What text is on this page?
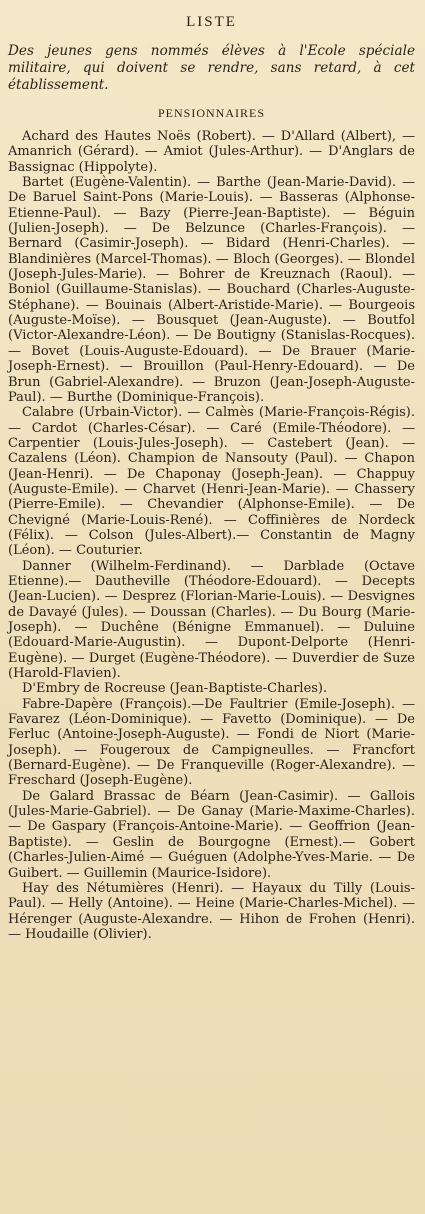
LISTE

Des jeunes gens nommés élèves à l'Ecole spéciale militaire, qui doivent se rendre, sans retard, à cet établissement.

PENSIONNAIRES

Achard des Hautes Noës (Robert). — D'Allard (Albert), — Amanrich (Gérard). — Amiot (Jules-Arthur). — D'Anglars de Bassignac (Hippolyte).

Bartet (Eugène-Valentin). — Barthe (Jean-Marie-David). — De Baruel Saint-Pons (Marie-Louis). — Basseras (Alphonse-Etienne-Paul). — Bazy (Pierre-Jean-Baptiste). — Béguin (Julien-Joseph). — De Belzunce (Charles-François). — Bernard (Casimir-Joseph). — Bidard (Henri-Charles). — Blandinières (Marcel-Thomas). — Bloch (Georges). — Blondel (Joseph-Jules-Marie). — Bohrer de Kreuznach (Raoul). — Boniol (Guillaume-Stanislas). — Bouchard (Charles-Auguste-Stéphane). — Bouinais (Albert-Aristide-Marie). — Bourgeois (Auguste-Moïse). — Bousquet (Jean-Auguste). — Boutfol (Victor-Alexandre-Léon). — De Boutigny (Stanislas-Rocques).— Bovet (Louis-Auguste-Edouard). — De Brauer (Marie-Joseph-Ernest). — Brouillon (Paul-Henry-Edouard). — De Brun (Gabriel-Alexandre). — Bruzon (Jean-Joseph-Auguste-Paul). — Burthe (Dominique-François).

Calabre (Urbain-Victor). — Calmès (Marie-François-Régis). — Cardot (Charles-César). — Caré (Emile-Théodore). — Carpentier (Louis-Jules-Joseph). — Castebert (Jean). — Cazalens (Léon). Champion de Nansouty (Paul). — Chapon (Jean-Henri). — De Chaponay (Joseph-Jean). — Chappuy (Auguste-Emile). — Charvet (Henri-Jean-Marie). — Chassery (Pierre-Emile). — Chevandier (Alphonse-Emile). — De Chevigné (Marie-Louis-René). — Coffinières de Nordeck (Félix). — Colson (Jules-Albert).— Constantin de Magny (Léon). — Couturier.

Danner (Wilhelm-Ferdinand). — Darblade (Octave Etienne).— Dautheville (Théodore-Edouard). — Decepts (Jean-Lucien). — Desprez (Florian-Marie-Louis). — Desvignes de Davayé (Jules). — Doussan (Charles). — Du Bourg (Marie-Joseph). — Duchêne (Bénigne Emmanuel). — Duluine (Edouard-Marie-Augustin). — Dupont-Delporte (Henri-Eugène). — Durget (Eugène-Théodore). — Duverdier de Suze (Harold-Flavien).

D'Embry de Rocreuse (Jean-Baptiste-Charles).

Fabre-Dapère (François).—De Faultrier (Emile-Joseph). — Favarez (Léon-Dominique). — Favetto (Dominique). — De Ferluc (Antoine-Joseph-Auguste). — Fondi de Niort (Marie-Joseph). — Fougeroux de Campigneulles. — Francfort (Bernard-Eugène). — De Franqueville (Roger-Alexandre). — Freschard (Joseph-Eugène).

De Galard Brassac de Béarn (Jean-Casimir). — Gallois (Jules-Marie-Gabriel). — De Ganay (Marie-Maxime-Charles). — De Gaspary (François-Antoine-Marie). — Geoffrion (Jean-Baptiste). — Geslin de Bourgogne (Ernest).— Gobert (Charles-Julien-Aimé — Guéguen (Adolphe-Yves-Marie. — De Guibert. — Guillemin (Maurice-Isidore).

Hay des Nétumières (Henri). — Hayaux du Tilly (Louis-Paul). — Helly (Antoine). — Heine (Marie-Charles-Michel). — Hérenger (Auguste-Alexandre. — Hihon de Frohen (Henri). — Houdaille (Olivier).
